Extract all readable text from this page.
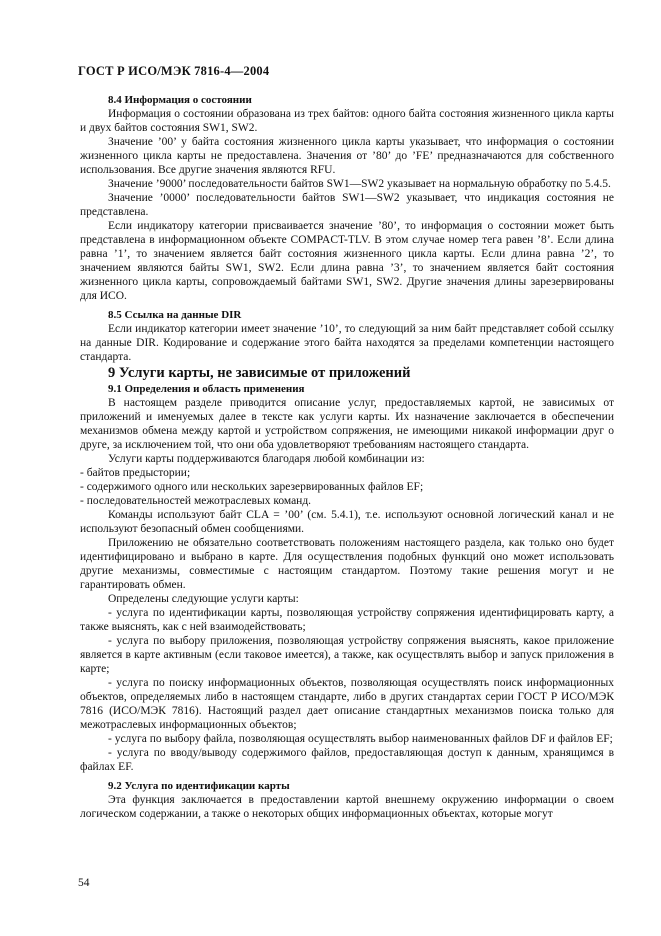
ГОСТ Р ИСО/МЭК 7816-4—2004

8.4 Информация о состоянии

Информация о состоянии образована из трех байтов: одного байта состояния жизненного цикла карты и двух байтов состояния SW1, SW2.

Значение ’00’ у байта состояния жизненного цикла карты указывает, что информация о состоянии жизненного цикла карты не предоставлена. Значения от ’80’ до ’FE’ предназначаются для собственного использования. Все другие значения являются RFU.

Значение ’9000’ последовательности байтов SW1—SW2 указывает на нормальную обработку по 5.4.5.

Значение ’0000’ последовательности байтов SW1—SW2 указывает, что индикация состояния не представлена.

Если индикатору категории присваивается значение ’80’, то информация о состоянии может быть представлена в информационном объекте COMPACT-TLV. В этом случае номер тега равен ’8’. Если длина равна ’1’, то значением является байт состояния жизненного цикла карты. Если длина равна ’2’, то значением являются байты SW1, SW2. Если длина равна ’3’, то значением является байт состояния жизненного цикла карты, сопровождаемый байтами SW1, SW2. Другие значения длины зарезервированы для ИСО.

8.5 Ссылка на данные DIR

Если индикатор категории имеет значение ’10’, то следующий за ним байт представляет собой ссылку на данные DIR. Кодирование и содержание этого байта находятся за пределами компетенции настоящего стандарта.

9 Услуги карты, не зависимые от приложений

9.1 Определения и область применения

В настоящем разделе приводится описание услуг, предоставляемых картой, не зависимых от приложений и именуемых далее в тексте как услуги карты. Их назначение заключается в обеспечении механизмов обмена между картой и устройством сопряжения, не имеющими никакой информации друг о друге, за исключением той, что они оба удовлетворяют требованиям настоящего стандарта.

Услуги карты поддерживаются благодаря любой комбинации из:

- байтов предыстории;

- содержимого одного или нескольких зарезервированных файлов EF;

- последовательностей межотраслевых команд.

Команды используют байт CLA = ’00’ (см. 5.4.1), т.е. используют основной логический канал и не используют безопасный обмен сообщениями.

Приложению не обязательно соответствовать положениям настоящего раздела, как только оно будет идентифицировано и выбрано в карте. Для осуществления подобных функций оно может использовать другие механизмы, совместимые с настоящим стандартом. Поэтому такие решения могут и не гарантировать обмен.

Определены следующие услуги карты:

- услуга по идентификации карты, позволяющая устройству сопряжения идентифицировать карту, а также выяснять, как с ней взаимодействовать;

- услуга по выбору приложения, позволяющая устройству сопряжения выяснять, какое приложение является в карте активным (если таковое имеется), а также, как осуществлять выбор и запуск приложения в карте;

- услуга по поиску информационных объектов, позволяющая осуществлять поиск информационных объектов, определяемых либо в настоящем стандарте, либо в других стандартах серии ГОСТ Р ИСО/МЭК 7816 (ИСО/МЭК 7816). Настоящий раздел дает описание стандартных механизмов поиска только для межотраслевых информационных объектов;

- услуга по выбору файла, позволяющая осуществлять выбор наименованных файлов DF и файлов EF;

- услуга по вводу/выводу содержимого файлов, предоставляющая доступ к данным, хранящимся в файлах EF.

9.2 Услуга по идентификации карты

Эта функция заключается в предоставлении картой внешнему окружению информации о своем логическом содержании, а также о некоторых общих информационных объектах, которые могут

54
